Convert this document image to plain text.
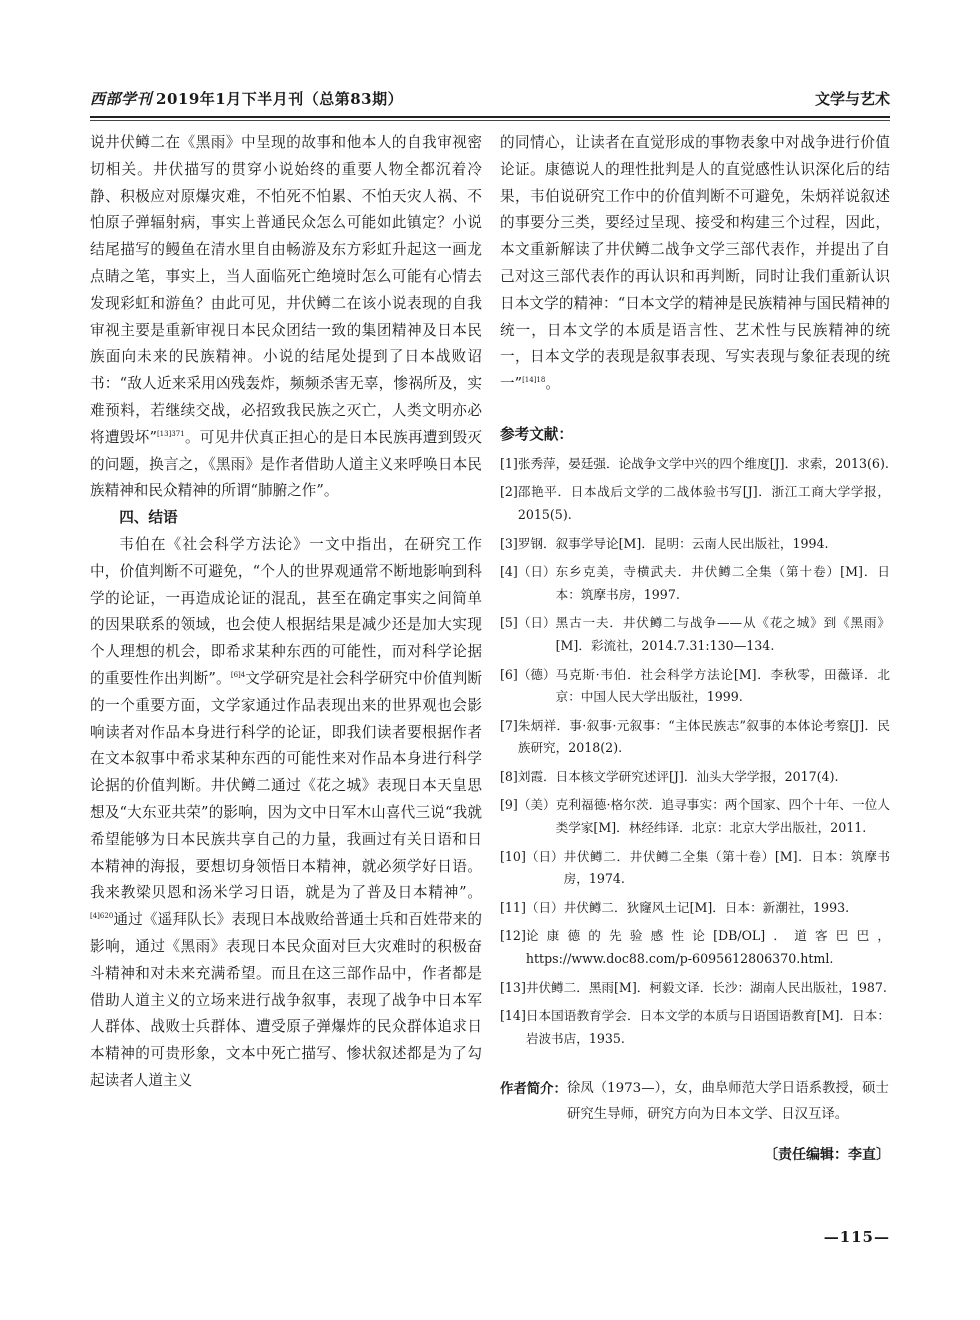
西部学刊 2019年1月下半月刊（总第83期）	文学与艺术

说井伏鳟二在《黑雨》中呈现的故事和他本人的自我审视密切相关。井伏描写的贯穿小说始终的重要人物全都沉着冷静、积极应对原爆灾难，不怕死不怕累、不怕天灾人祸、不怕原子弹辐射病，事实上普通民众怎么可能如此镇定？小说结尾描写的鳗鱼在清水里自由畅游及东方彩虹升起这一画龙点睛之笔，事实上，当人面临死亡绝境时怎么可能有心情去发现彩虹和游鱼？由此可见，井伏鳟二在该小说表现的自我审视主要是重新审视日本民众团结一致的集团精神及日本民族面向未来的民族精神。小说的结尾处提到了日本战败诏书：“敌人近来采用凶残轰炸，频频杀害无辜，惨祸所及，实难预料，若继续交战，必招致我民族之灭亡，人类文明亦必将遭毁坏”$^{[13]371}$。可见井伏真正担心的是日本民族再遭到毁灭的问题，换言之，《黑雨》是作者借助人道主义来呼唤日本民族精神和民众精神的所谓“肺腑之作”。

四、结语

韦伯在《社会科学方法论》一文中指出，在研究工作中，价值判断不可避免，“个人的世界观通常不断地影响到科学的论证，一再造成论证的混乱，甚至在确定事实之间简单的因果联系的领域，也会使人根据结果是减少还是加大实现个人理想的机会，即希求某种东西的可能性，而对科学论据的重要性作出判断”。$^{[6]4}$文学研究是社会科学研究中价值判断的一个重要方面，文学家通过作品表现出来的世界观也会影响读者对作品本身进行科学的论证，即我们读者要根据作者在文本叙事中希求某种东西的可能性来对作品本身进行科学论据的价值判断。井伏鳟二通过《花之城》表现日本天皇思想及“大东亚共荣”的影响，因为文中日军木山喜代三说“我就希望能够为日本民族共享自己的力量，我画过有关日语和日本精神的海报，要想切身领悟日本精神，就必须学好日语。我来教梁贝恩和汤米学习日语，就是为了普及日本精神”。$^{[4]620}$通过《遥拜队长》表现日本战败给普通士兵和百姓带来的影响，通过《黑雨》表现日本民众面对巨大灾难时的积极奋斗精神和对未来充满希望。而且在这三部作品中，作者都是借助人道主义的立场来进行战争叙事，表现了战争中日本军人群体、战败士兵群体、遭受原子弹爆炸的民众群体追求日本精神的可贵形象，文本中死亡描写、惨状叙述都是为了勾起读者人道主义

的同情心，让读者在直觉形成的事物表象中对战争进行价值论证。康德说人的理性批判是人的直觉感性认识深化后的结果，韦伯说研究工作中的价值判断不可避免，朱炳祥说叙述的事要分三类，要经过呈现、接受和构建三个过程，因此，本文重新解读了井伏鳟二战争文学三部代表作，并提出了自己对这三部代表作的再认识和再判断，同时让我们重新认识日本文学的精神：“日本文学的精神是民族精神与国民精神的统一，日本文学的本质是语言性、艺术性与民族精神的统一，日本文学的表现是叙事表现、写实表现与象征表现的统一”$^{[14]18}$。

参考文献：

[1] 张秀萍，晏廷强．论战争文学中兴的四个维度[J]．求索，2013(6).
[2] 邵艳平．日本战后文学的二战体验书写[J]．浙江工商大学学报，2015(5).
[3] 罗钢．叙事学导论[M]．昆明：云南人民出版社，1994.
[4]（日） 东乡克美，寺横武夫．井伏鳟二全集（第十卷）[M]．日本：筑摩书房，1997.
[5]（日） 黑古一夫．井伏鳟二与战争——从《花之城》到《黑雨》[M]．彩流社，2014.7.31:130—134.
[6]（德） 马克斯·韦伯．社会科学方法论[M]．李秋零，田薇译．北京：中国人民大学出版社，1999.
[7] 朱炳祥．事·叙事·元叙事：“主体民族志”叙事的本体论考察[J]．民族研究，2018(2).
[8] 刘霞．日本核文学研究述评[J]．汕头大学学报，2017(4).
[9]（美） 克利福德·格尔茨．追寻事实：两个国家、四个十年、一位人类学家[M]．林经纬译．北京：北京大学出版社，2011.
[10]（日） 井伏鳟二．井伏鳟二全集（第十卷）[M]．日本：筑摩书房，1974.
[11]（日） 井伏鳟二．狄窿风土记[M]．日本：新潮社，1993.
[12] 论康德的先验感性论[DB/OL]．道客巴巴，https://www.doc88.com/p-6095612806370.html.
[13] 井伏鳟二．黑雨[M]．柯毅文译．长沙：湖南人民出版社，1987.
[14] 日本国语教育学会．日本文学的本质与日语国语教育[M]．日本：岩波书店，1935.
作者简介： 徐凤（1973—），女，曲阜师范大学日语系教授，硕士研究生导师，研究方向为日本文学、日汉互译。
〔责任编辑：李直〕
—115—
